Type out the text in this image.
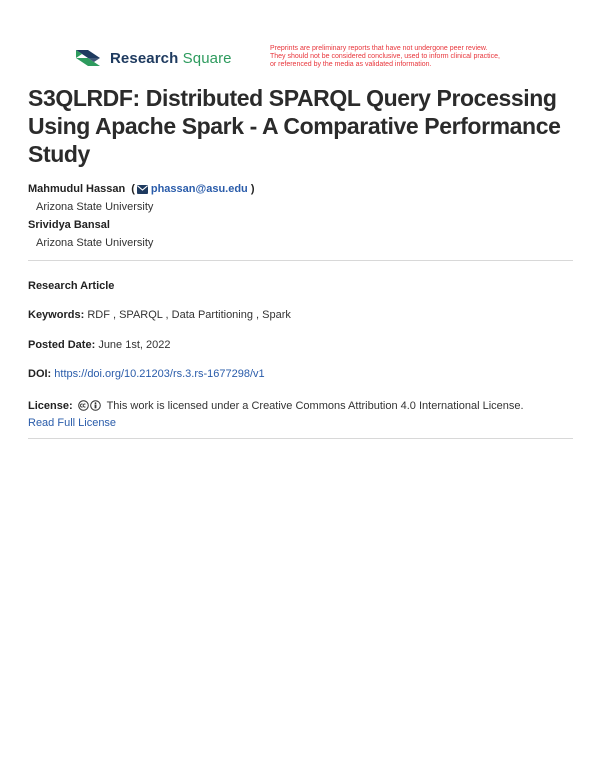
Research Square
Preprints are preliminary reports that have not undergone peer review.
They should not be considered conclusive, used to inform clinical practice,
or referenced by the media as validated information.
S3QLRDF: Distributed SPARQL Query Processing Using Apache Spark - A Comparative Performance Study
Mahmudul Hassan ( phassan@asu.edu )
Arizona State University
Srividya Bansal
Arizona State University
Research Article
Keywords: RDF , SPARQL , Data Partitioning , Spark
Posted Date: June 1st, 2022
DOI: https://doi.org/10.21203/rs.3.rs-1677298/v1
License:	This work is licensed under a Creative Commons Attribution 4.0 International License.
Read Full License
